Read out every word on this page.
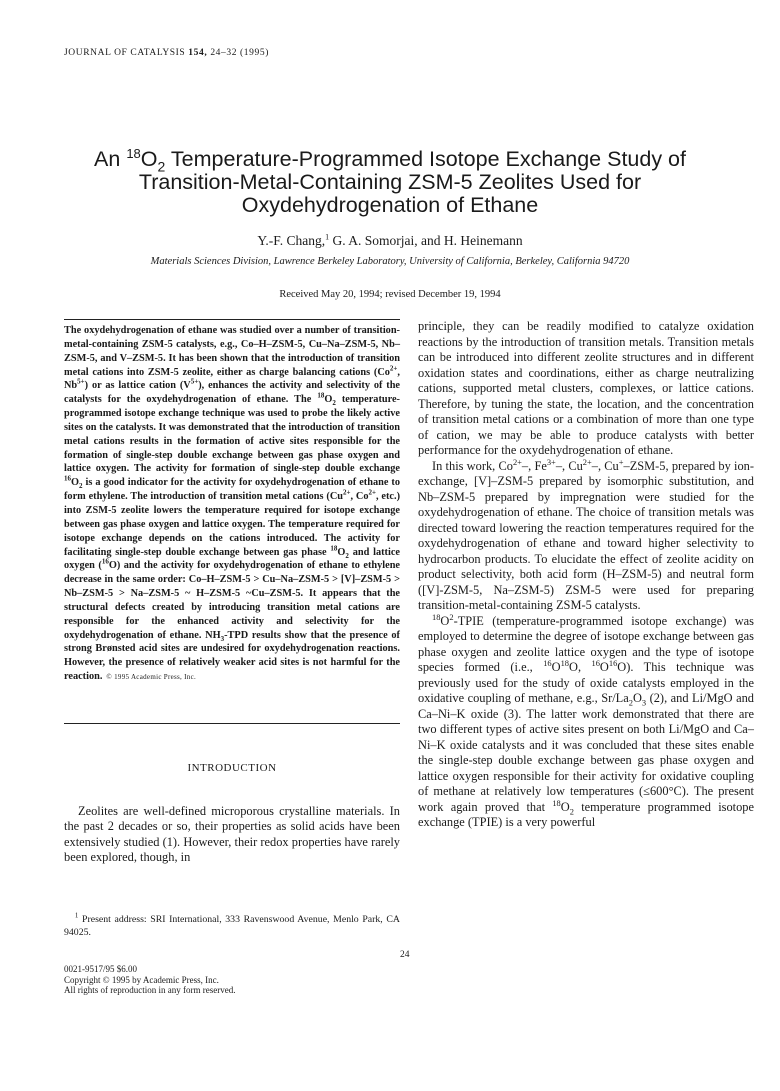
JOURNAL OF CATALYSIS 154, 24–32 (1995)
An $^{18}O_2$ Temperature-Programmed Isotope Exchange Study of
Transition-Metal-Containing ZSM-5 Zeolites Used for
Oxydehydrogenation of Ethane
Y.-F. Chang,$^1$ G. A. Somorjai, and H. Heinemann
Materials Sciences Division, Lawrence Berkeley Laboratory, University of California, Berkeley, California 94720
Received May 20, 1994; revised December 19, 1994
The oxydehydrogenation of ethane was studied over a number of transition-metal-containing ZSM-5 catalysts, e.g., Co–H–ZSM-5, Cu–Na–ZSM-5, Nb–ZSM-5, and V–ZSM-5. It has been shown that the introduction of transition metal cations into ZSM-5 zeolite, either as charge balancing cations ($Co^{2+}$, $Nb^{5+}$) or as lattice cation $(V^{5+})$, enhances the activity and selectivity of the catalysts for the oxydehydrogenation of ethane. The $^{18}O_2$ temperature-programmed isotope exchange technique was used to probe the likely active sites on the catalysts. It was demonstrated that the introduction of transition metal cations results in the formation of active sites responsible for the formation of single-step double exchange between gas phase oxygen and lattice oxygen. The activity for formation of single-step double exchange $^{16}O_2$ is a good indicator for the activity for oxydehydrogenation of ethane to form ethylene. The introduction of transition metal cations ($Cu^{2+}$, $Co^{2+}$, etc.) into ZSM-5 zeolite lowers the temperature required for isotope exchange between gas phase oxygen and lattice oxygen. The temperature required for isotope exchange depends on the cations introduced. The activity for facilitating single-step double exchange between gas phase $^{18}O_2$ and lattice oxygen ($^{16}$O) and the activity for oxydehydrogenation of ethane to ethylene decrease in the same order: Co–H–ZSM-5 > Cu–Na–ZSM-5 > [V]–ZSM-5 > Nb–ZSM-5 > Na–ZSM-5 ~ H–ZSM-5 ~Cu–ZSM-5. It appears that the structural defects created by introducing transition metal cations are responsible for the enhanced activity and selectivity for the oxydehydrogenation of ethane. $NH_3$-TPD results show that the presence of strong Brønsted acid sites are undesired for oxydehydrogenation reactions. However, the presence of relatively weaker acid sites is not harmful for the reaction. © 1995 Academic Press, Inc.
INTRODUCTION

Zeolites are well-defined microporous crystalline materials. In the past 2 decades or so, their properties as solid acids have been extensively studied (1). However, their redox properties have rarely been explored, though, in

$^1$ Present address: SRI International, 333 Ravenswood Avenue, Menlo Park, CA 94025.
24
0021-9517/95 $6.00
Copyright © 1995 by Academic Press, Inc.
All rights of reproduction in any form reserved.

principle, they can be readily modified to catalyze oxidation reactions by the introduction of transition metals. Transition metals can be introduced into different zeolite structures and in different oxidation states and coordinations, either as charge neutralizing cations, supported metal clusters, complexes, or lattice cations. Therefore, by tuning the state, the location, and the concentration of transition metal cations or a combination of more than one type of cation, we may be able to produce catalysts with better performance for the oxydehydrogenation of ethane.

In this work, $Co^{2+}-$, $Fe^{3+}-$, $Cu^{2+}-$, Cu+–ZSM-5, prepared by ion-exchange, [V]–ZSM-5 prepared by isomorphic substitution, and Nb–ZSM-5 prepared by impregnation were studied for the oxydehydrogenation of ethane. The choice of transition metals was directed toward lowering the reaction temperatures required for the oxydehydrogenation of ethane and toward higher selectivity to hydrocarbon products. To elucidate the effect of zeolite acidity on product selectivity, both acid form (H–ZSM-5) and neutral form ([V]-ZSM-5, Na–ZSM-5) ZSM-5 were used for preparing transition-metal-containing ZSM-5 catalysts.

$^{18}O^2$-TPIE (temperature-programmed isotope exchange) was employed to determine the degree of isotope exchange between gas phase oxygen and zeolite lattice oxygen and the type of isotope species formed (i.e., $^{16}O^{18}O$, $^{16}O^{16}O$). This technique was previously used for the study of oxide catalysts employed in the oxidative coupling of methane, e.g., $Sr/La_2O_3$ (2), and Li/MgO and Ca–Ni–K oxide (3). The latter work demonstrated that there are two different types of active sites present on both Li/MgO and Ca–Ni–K oxide catalysts and it was concluded that these sites enable the single-step double exchange between gas phase oxygen and lattice oxygen responsible for their activity for oxidative coupling of methane at relatively low temperatures (≤600°C). The present work again proved that $^{18}O_2$ temperature programmed isotope exchange (TPIE) is a very powerful
